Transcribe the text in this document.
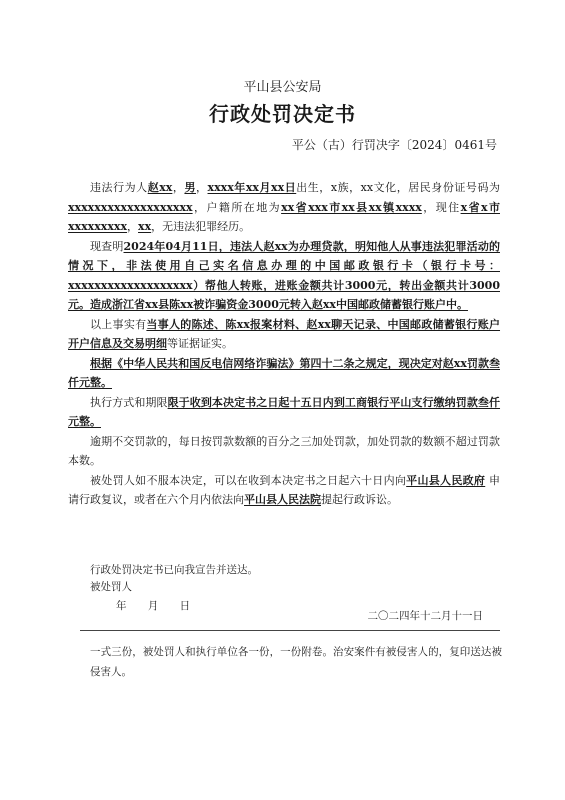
平山县公安局
行政处罚决定书
平公（古）行罚决字〔2024〕0461号

违法行为人赵xx，男，xxxx年xx月xx日出生，x族，xx文化，居民身份证号码为xxxxxxxxxxxxxxxxxxx，户籍所在地为xx省xxx市xx县xx镇xxxx，现住x省x市xxxxxxxxx，xx，无违法犯罪经历。

现查明2024年04月11日，违法人赵xx为办理贷款，明知他人从事违法犯罪活动的情况下，非法使用自己实名信息办理的中国邮政银行卡（银行卡号：xxxxxxxxxxxxxxxxxxx）帮他人转账，进账金额共计3000元，转出金额共计3000元。造成浙江省xx县陈xx被诈骗资金3000元转入赵xx中国邮政储蓄银行账户中。

以上事实有当事人的陈述、陈xx报案材料、赵xx聊天记录、中国邮政储蓄银行账户开户信息及交易明细等证据证实。

根据《中华人民共和国反电信网络诈骗法》第四十二条之规定，现决定对赵xx罚款叁仟元整。

执行方式和期限限于收到本决定书之日起十五日内到工商银行平山支行缴纳罚款叁仟元整。

逾期不交罚款的，每日按罚款数额的百分之三加处罚款，加处罚款的数额不超过罚款本数。

被处罚人如不服本决定，可以在收到本决定书之日起六十日内向平山县人民政府 申请行政复议，或者在六个月内依法向平山县人民法院提起行政诉讼。

行政处罚决定书已向我宣告并送达。
被处罚人
年 月 日
二〇二四年十二月十一日
一式三份，被处罚人和执行单位各一份，一份附卷。治安案件有被侵害人的，复印送达被侵害人。
